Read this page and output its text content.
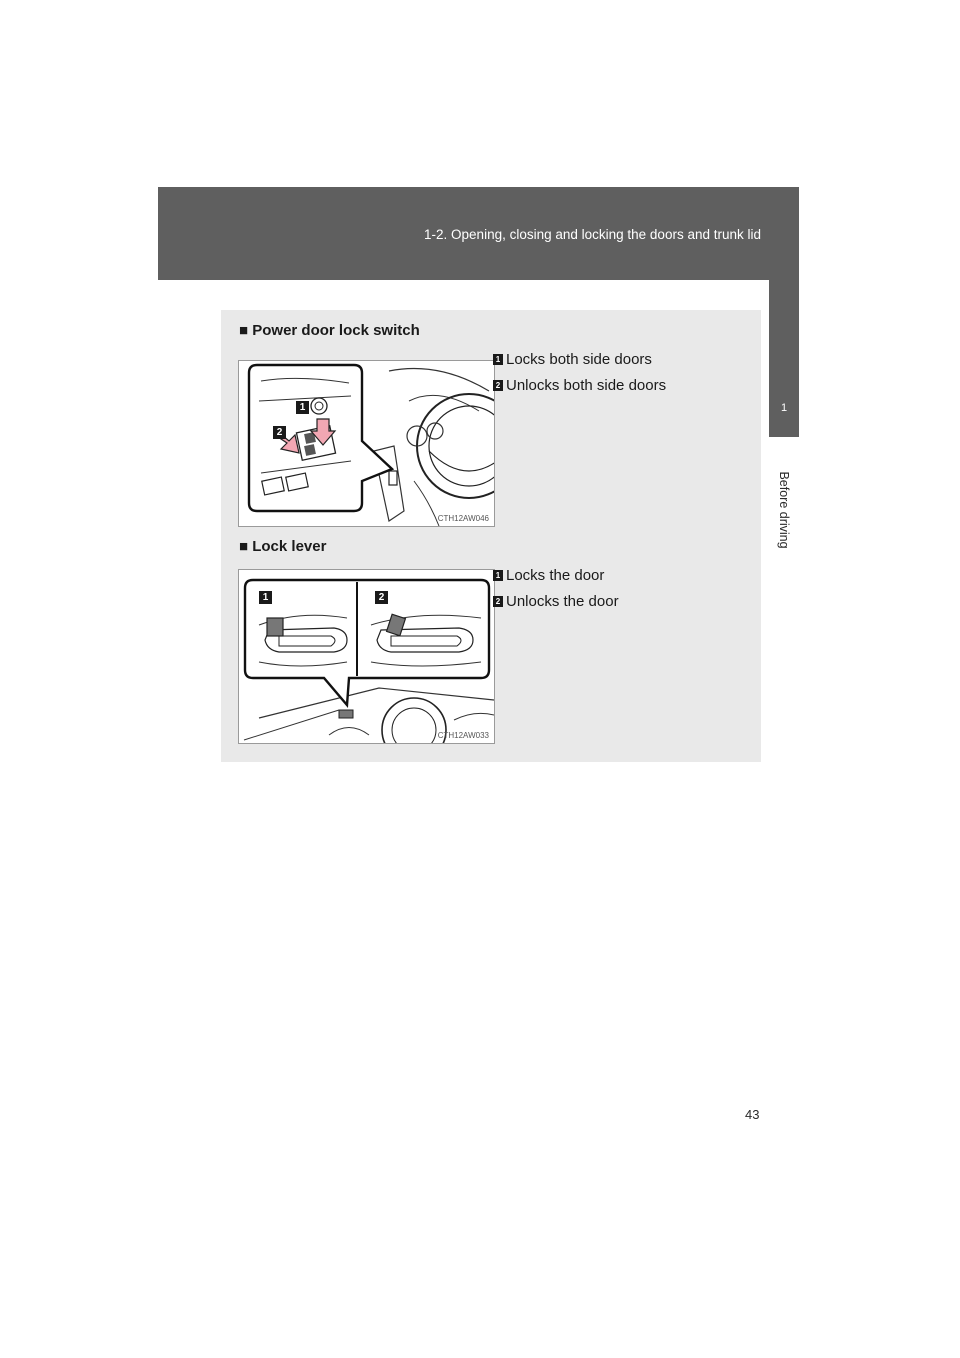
1-2. Opening, closing and locking the doors and trunk lid
1
Before driving
■ Power door lock switch
1
2
CTH12AW046
1 Locks both side doors
2 Unlocks both side doors
■ Lock lever
1	2
CTH12AW033
1 Locks the door
2 Unlocks the door
43
